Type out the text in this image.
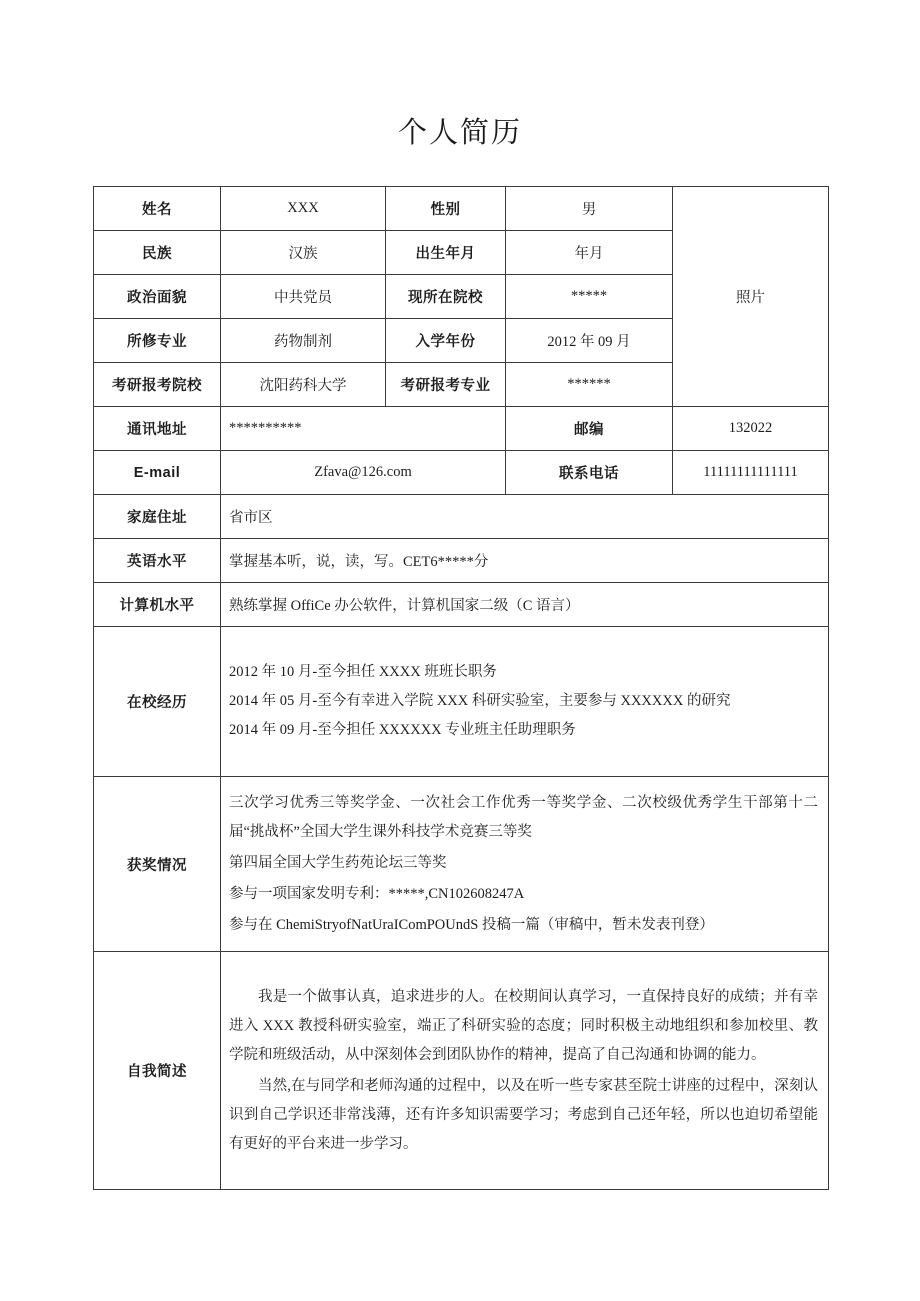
个人简历
姓名	XXX	性别	男	照片
民族	汉族	出生年月	年月	
政治面貌	中共党员	现所在院校	*****	
所修专业	药物制剂	入学年份	2012 年 09 月	
考研报考院校	沈阳药科大学	考研报考专业	******	
通讯地址	**********		邮编	132022
E-mail	Zfava@126.com		联系电话	11111111111111
家庭住址	省市区			
英语水平	掌握基本听，说，读，写。CET6*****分			
计算机水平	熟练掌握 OffiCe 办公软件，计算机国家二级（C 语言）			
在校经历	2012 年 10 月-至今担任 XXXX 班班长职务
2014 年 05 月-至今有幸进入学院 XXX 科研实验室，主要参与 XXXXXX 的研究
2014 年 09 月-至今担任 XXXXXX 专业班主任助理职务			

获奖情况	三次学习优秀三等奖学金、一次社会工作优秀一等奖学金、二次校级优秀学生干部第十二届“挑战杯”全国大学生课外科技学术竞赛三等奖

第四届全国大学生药苑论坛三等奖

参与一项国家发明专利：*****,CN102608247A

参与在 ChemiStryofNatUraIComPOUndS 投稿一篇（审稿中，暂未发表刊登）			

自我简述	我是一个做事认真，追求进步的人。在校期间认真学习，一直保持良好的成绩；并有幸进入 XXX 教授科研实验室，端正了科研实验的态度；同时积极主动地组织和参加校里、教学院和班级活动，从中深刻体会到团队协作的精神，提高了自己沟通和协调的能力。

当然,在与同学和老师沟通的过程中，以及在听一些专家甚至院士讲座的过程中，深刻认识到自己学识还非常浅薄，还有许多知识需要学习；考虑到自己还年轻，所以也迫切希望能有更好的平台来进一步学习。			
